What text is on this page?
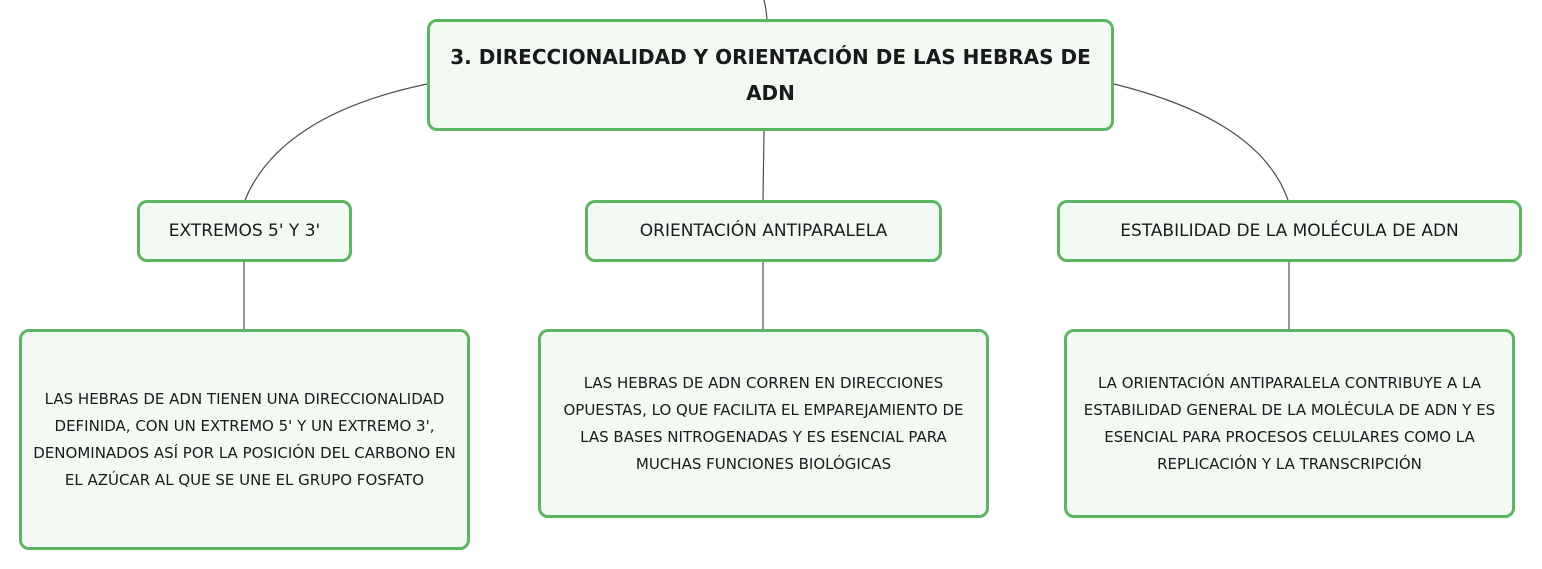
3. DIRECCIONALIDAD Y ORIENTACIÓN DE LAS HEBRAS DE ADN
EXTREMOS 5' Y 3'	ORIENTACIÓN ANTIPARALELA	ESTABILIDAD DE LA MOLÉCULA DE ADN
LAS HEBRAS DE ADN TIENEN UNA DIRECCIONALIDAD DEFINIDA, CON UN EXTREMO 5' Y UN EXTREMO 3', DENOMINADOS ASÍ POR LA POSICIÓN DEL CARBONO EN EL AZÚCAR AL QUE SE UNE EL GRUPO FOSFATO
LAS HEBRAS DE ADN CORREN EN DIRECCIONES OPUESTAS, LO QUE FACILITA EL EMPAREJAMIENTO DE LAS BASES NITROGENADAS Y ES ESENCIAL PARA MUCHAS FUNCIONES BIOLÓGICAS
LA ORIENTACIÓN ANTIPARALELA CONTRIBUYE A LA ESTABILIDAD GENERAL DE LA MOLÉCULA DE ADN Y ES ESENCIAL PARA PROCESOS CELULARES COMO LA REPLICACIÓN Y LA TRANSCRIPCIÓN
